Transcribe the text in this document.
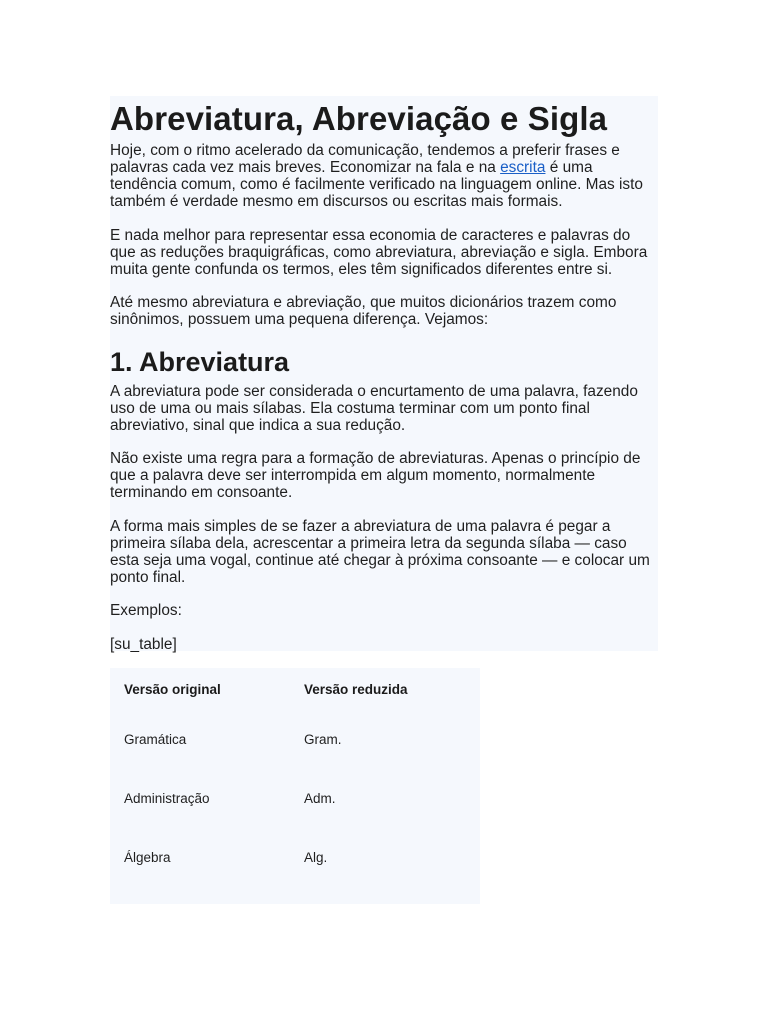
Abreviatura, Abreviação e Sigla

Hoje, com o ritmo acelerado da comunicação, tendemos a preferir frases e palavras cada vez mais breves. Economizar na fala e na escrita é uma tendência comum, como é facilmente verificado na linguagem online. Mas isto também é verdade mesmo em discursos ou escritas mais formais.

E nada melhor para representar essa economia de caracteres e palavras do que as reduções braquigráficas, como abreviatura, abreviação e sigla. Embora muita gente confunda os termos, eles têm significados diferentes entre si.

Até mesmo abreviatura e abreviação, que muitos dicionários trazem como sinônimos, possuem uma pequena diferença. Vejamos:

1. Abreviatura

A abreviatura pode ser considerada o encurtamento de uma palavra, fazendo uso de uma ou mais sílabas. Ela costuma terminar com um ponto final abreviativo, sinal que indica a sua redução.

Não existe uma regra para a formação de abreviaturas. Apenas o princípio de que a palavra deve ser interrompida em algum momento, normalmente terminando em consoante.

A forma mais simples de se fazer a abreviatura de uma palavra é pegar a primeira sílaba dela, acrescentar a primeira letra da segunda sílaba — caso esta seja uma vogal, continue até chegar à próxima consoante — e colocar um ponto final.

Exemplos:

[su_table]

Versão original	Versão reduzida
Gramática	Gram.
Administração	Adm.
Álgebra	Alg.
